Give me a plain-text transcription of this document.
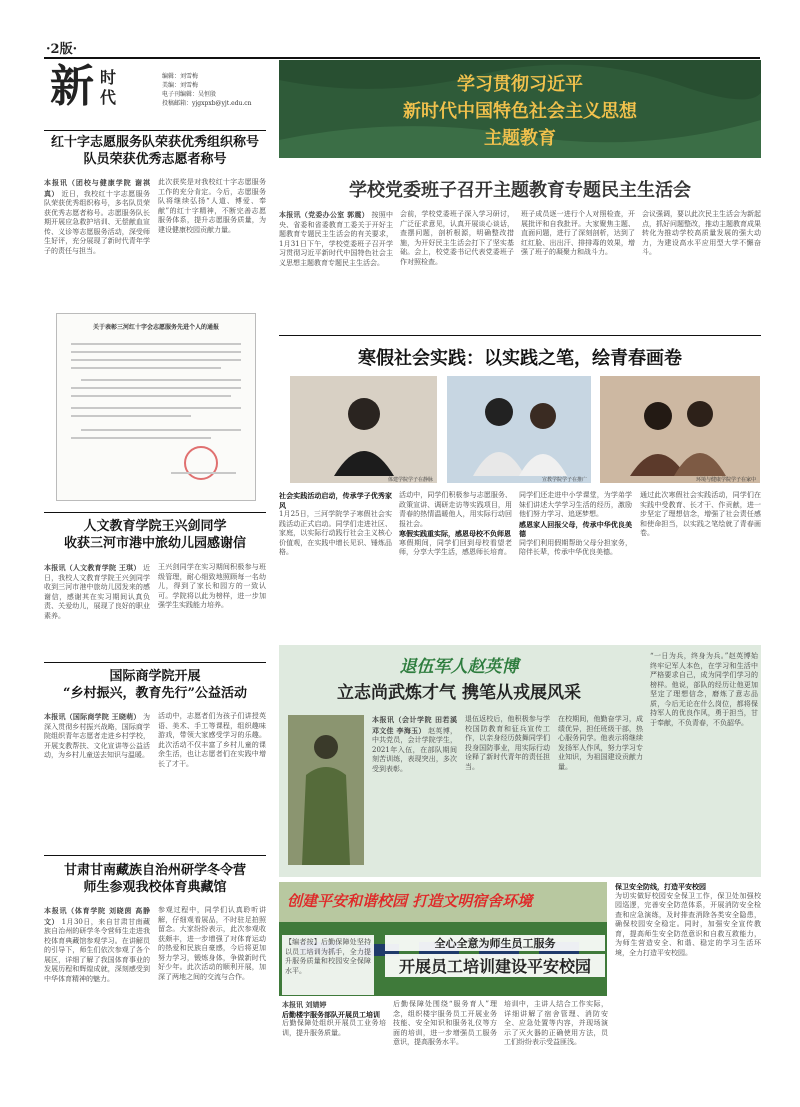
·2版·
新 时代
编辑：刘雪梅
美编：刘雪梅
电子刊编辑：吴恒殷
投稿邮箱：yjgxpxb@yjt.edu.cn
学习贯彻习近平
新时代中国特色社会主义思想
主题教育
红十字志愿服务队荣获优秀组织称号
队员荣获优秀志愿者称号
本报讯（团校与健康学院 谢祺真） 近日，我校红十字志愿服务队荣获优秀组织称号，多名队员荣获优秀志愿者称号。志愿服务队长期开展应急救护培训、无偿献血宣传、义诊等志愿服务活动，深受师生好评，充分展现了新时代青年学子的责任与担当。
此次获奖是对我校红十字志愿服务工作的充分肯定。今后，志愿服务队将继续弘扬“人道、博爱、奉献”的红十字精神，不断完善志愿服务体系，提升志愿服务质量，为建设健康校园贡献力量。
关于表彰三河红十字会志愿服务先进个人的通报
人文教育学院王兴剑同学
收获三河市港中旅幼儿园感谢信
本报讯（人文教育学院 王琪） 近日，我校人文教育学院王兴剑同学收到三河市港中旅幼儿园发来的感谢信，感谢其在实习期间认真负责、关爱幼儿，展现了良好的职业素养。
王兴剑同学在实习期间积极参与班级管理，耐心细致地照顾每一名幼儿，得到了家长和园方的一致认可。学院将以此为榜样，进一步加强学生实践能力培养。
国际商学院开展
“乡村振兴，教育先行”公益活动
本报讯（国际商学院 王晓萌） 为深入贯彻乡村振兴战略，国际商学院组织青年志愿者走进乡村学校，开展支教帮扶、文化宣讲等公益活动，为乡村儿童送去知识与温暖。
活动中，志愿者们为孩子们讲授英语、美术、手工等课程，组织趣味游戏，带领大家感受学习的乐趣。此次活动不仅丰富了乡村儿童的课余生活，也让志愿者们在实践中增长了才干。
甘肃甘南藏族自治州研学冬令营
师生参观我校体育典藏馆
本报讯（体育学院 刘晓茵 高静文） 1月30日，来自甘肃甘南藏族自治州的研学冬令营师生走进我校体育典藏馆参观学习。在讲解员的引导下，师生们依次参观了各个展区，详细了解了我国体育事业的发展历程和辉煌成就，深刻感受到中华体育精神的魅力。
参观过程中，同学们认真聆听讲解，仔细观看展品，不时驻足拍照留念。大家纷纷表示，此次参观收获颇丰，进一步增强了对体育运动的热爱和民族自豪感，今后将更加努力学习，锻炼身体，争做新时代好少年。此次活动的顺利开展，加深了两地之间的交流与合作。
学校党委班子召开主题教育专题民主生活会
本报讯（党委办公室 郭震） 按照中央、省委和省委教育工委关于开好主题教育专题民主生活会的有关要求，1月31日下午，学校党委班子召开学习贯彻习近平新时代中国特色社会主义思想主题教育专题民主生活会。
会前，学校党委班子深入学习研讨，广泛征求意见，认真开展谈心谈话，查摆问题，剖析根源，明确整改措施，为开好民主生活会打下了坚实基础。会上，校党委书记代表党委班子作对照检查。
班子成员逐一进行个人对照检查，开展批评和自我批评。大家聚焦主题、直面问题，进行了深刻剖析，达到了红红脸、出出汗、排排毒的效果，增强了班子的凝聚力和战斗力。
会议强调，要以此次民主生活会为新起点，抓好问题整改，推动主题教育成果转化为推动学校高质量发展的强大动力，为建设高水平应用型大学不懈奋斗。
寒假社会实践：以实践之笔，绘青春画卷
体建学院学子在静脉	宣教学院学子在推广	环境与健康学院学子在家中
社会实践活动启动，传承学子优秀家风
1月25日，三河学院学子寒假社会实践活动正式启动。同学们走进社区、家庭，以实际行动践行社会主义核心价值观，在实践中增长见识、锤炼品格。
活动中，同学们积极参与志愿服务、政策宣讲、调研走访等实践项目，用青春的热情温暖他人，用实际行动回报社会。
寒假实践重实际，感恩母校不负师恩
寒假期间，同学们回到母校看望老师，分享大学生活，感恩师长培育。
同学们还走进中小学课堂，为学弟学妹们讲述大学学习生活的经历，激励他们努力学习、追逐梦想。
感恩家人回报父母，传承中华优良美德
同学们利用假期帮助父母分担家务，陪伴长辈，传承中华优良美德。
通过此次寒假社会实践活动，同学们在实践中受教育、长才干、作贡献，进一步坚定了理想信念，增强了社会责任感和使命担当，以实践之笔绘就了青春画卷。
退伍军人赵英博
立志尚武炼才气 携笔从戎展风采
本报讯（会计学院 田若溪 邓文佳 李海玉） 赵英博，中共党员，会计学院学生，2021年入伍，在部队期间刻苦训练，表现突出，多次受到表彰。
退伍返校后，他积极参与学校国防教育和征兵宣传工作，以亲身经历鼓舞同学们投身国防事业，用实际行动诠释了新时代青年的责任担当。
在校期间，他勤奋学习，成绩优异，担任班级干部，热心服务同学。他表示将继续发扬军人作风，努力学习专业知识，为祖国建设贡献力量。
“一日为兵，终身为兵。”赵英博始终牢记军人本色，在学习和生活中严格要求自己，成为同学们学习的榜样。他说，部队的经历让他更加坚定了理想信念，磨炼了意志品质，今后无论在什么岗位，都将保持军人的优良作风，勇于担当，甘于奉献，不负青春，不负韶华。
创建平安和谐校园 打造文明宿舍环境
【编者按】后勤保障处坚持以员工培训为抓手，全力提升服务质量和校园安全保障水平。
全心全意为师生员工服务
开展员工培训建设平安校园
本报讯 刘婧婷
后勤楼宇服务部队开展员工培训
后勤保障处组织开展员工业务培训，提升服务质量。
后勤保障处围绕“服务育人”理念，组织楼宇服务员工开展业务技能、安全知识和服务礼仪等方面的培训，进一步增强员工服务意识，提高服务水平。
培训中，主讲人结合工作实际，详细讲解了宿舍管理、消防安全、应急处置等内容，并现场演示了灭火器的正确使用方法，员工们纷纷表示受益匪浅。
保卫安全防线，打造平安校园
为切实做好校园安全保卫工作，保卫处加强校园巡逻，完善安全防范体系，开展消防安全检查和应急演练，及时排查消除各类安全隐患，确保校园安全稳定。同时，加强安全宣传教育，提高师生安全防范意识和自救互救能力，为师生营造安全、和谐、稳定的学习生活环境，全力打造平安校园。
